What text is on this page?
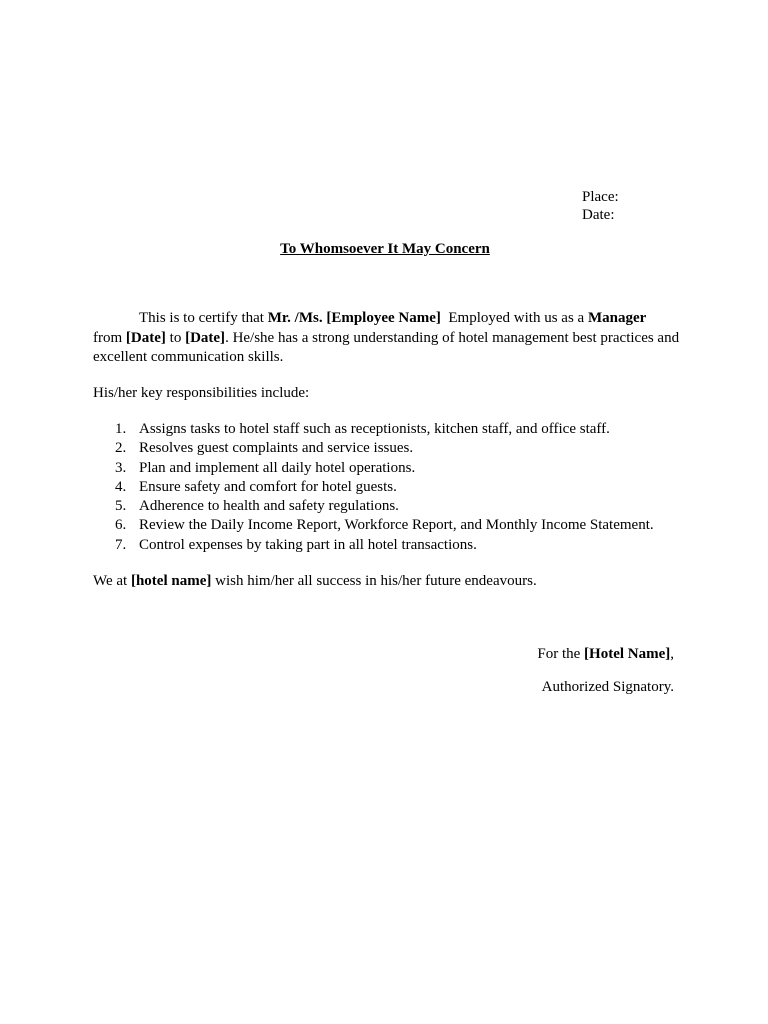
Place:
Date:
To Whomsoever It May Concern
This is to certify that Mr. /Ms. [Employee Name]  Employed with us as a Manager from [Date] to [Date]. He/she has a strong understanding of hotel management best practices and excellent communication skills.
His/her key responsibilities include:
1. Assigns tasks to hotel staff such as receptionists, kitchen staff, and office staff.
2. Resolves guest complaints and service issues.
3. Plan and implement all daily hotel operations.
4. Ensure safety and comfort for hotel guests.
5. Adherence to health and safety regulations.
6. Review the Daily Income Report, Workforce Report, and Monthly Income Statement.
7. Control expenses by taking part in all hotel transactions.
We at [hotel name] wish him/her all success in his/her future endeavours.
For the [Hotel Name],
Authorized Signatory.
